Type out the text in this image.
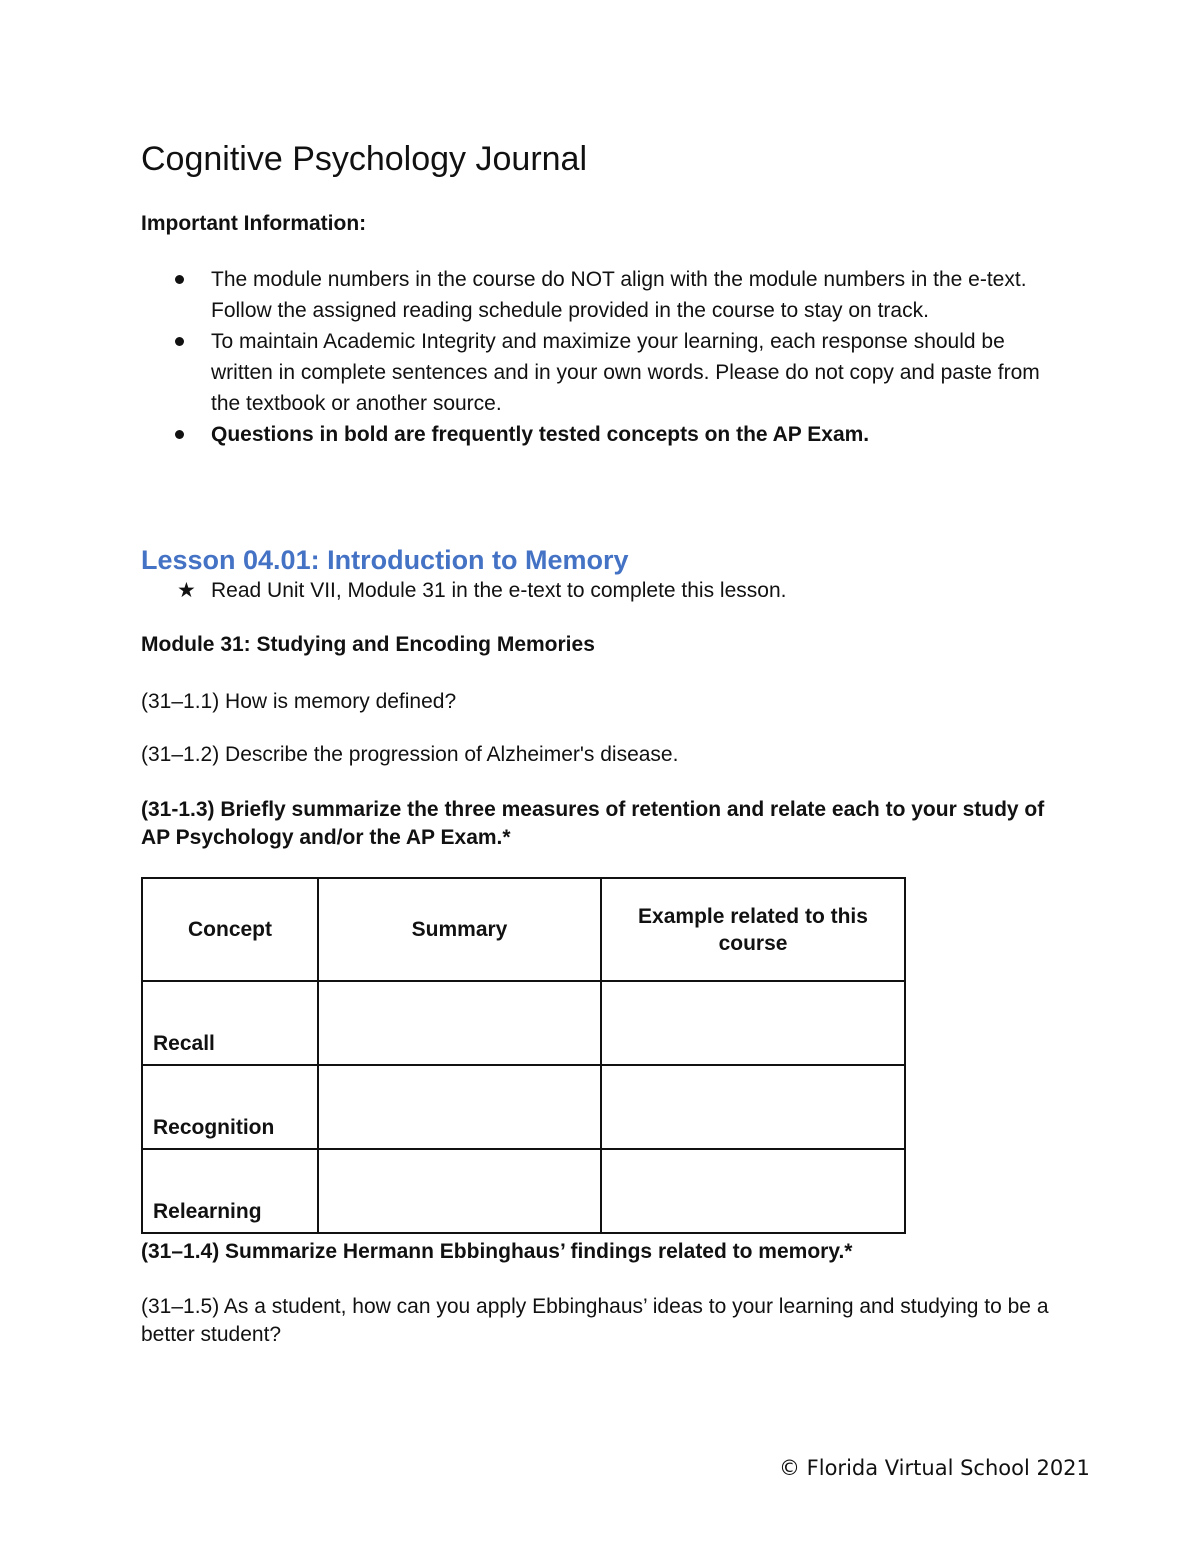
Cognitive Psychology Journal
Important Information:
The module numbers in the course do NOT align with the module numbers in the e-text. Follow the assigned reading schedule provided in the course to stay on track.
To maintain Academic Integrity and maximize your learning, each response should be written in complete sentences and in your own words. Please do not copy and paste from the textbook or another source.
Questions in bold are frequently tested concepts on the AP Exam.
Lesson 04.01: Introduction to Memory
★ Read Unit VII, Module 31 in the e-text to complete this lesson.
Module 31: Studying and Encoding Memories
(31–1.1) How is memory defined?
(31–1.2) Describe the progression of Alzheimer's disease.
(31-1.3) Briefly summarize the three measures of retention and relate each to your study of AP Psychology and/or the AP Exam.*
Concept	Summary	Example related to this course

Recall		
Recognition		
Relearning		
(31–1.4) Summarize Hermann Ebbinghaus’ findings related to memory.*
(31–1.5) As a student, how can you apply Ebbinghaus’ ideas to your learning and studying to be a better student?
© Florida Virtual School 2021
